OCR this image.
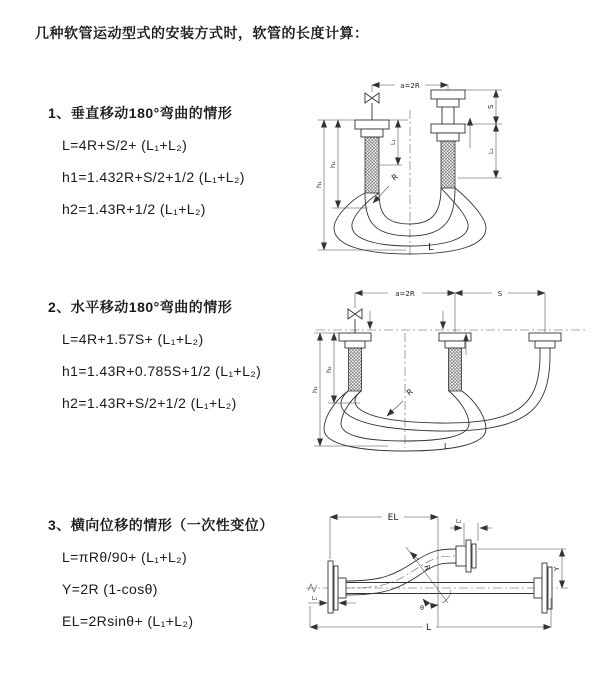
几种软管运动型式的安装方式时，软管的长度计算：
1、垂直移动180°弯曲的情形

L=4R+S/2+ (L₁+L₂)

h1=1.432R+S/2+1/2 (L₁+L₂)

h2=1.43R+1/2 (L₁+L₂)

2、水平移动180°弯曲的情形

L=4R+1.57S+ (L₁+L₂)

h1=1.43R+0.785S+1/2 (L₁+L₂)

h2=1.43R+S/2+1/2 (L₁+L₂)

3、横向位移的情形（一次性变位）

L=πRθ/90+ (L₁+L₂)

Y=2R (1-cosθ)

EL=2Rsinθ+ (L₁+L₂)

a=2R
R
L
h₁
h₂
L₁
S
L₂
a=2R	S
h₁
h₂
R
L
EL	L₂
Y
R
θ
L
L₁
